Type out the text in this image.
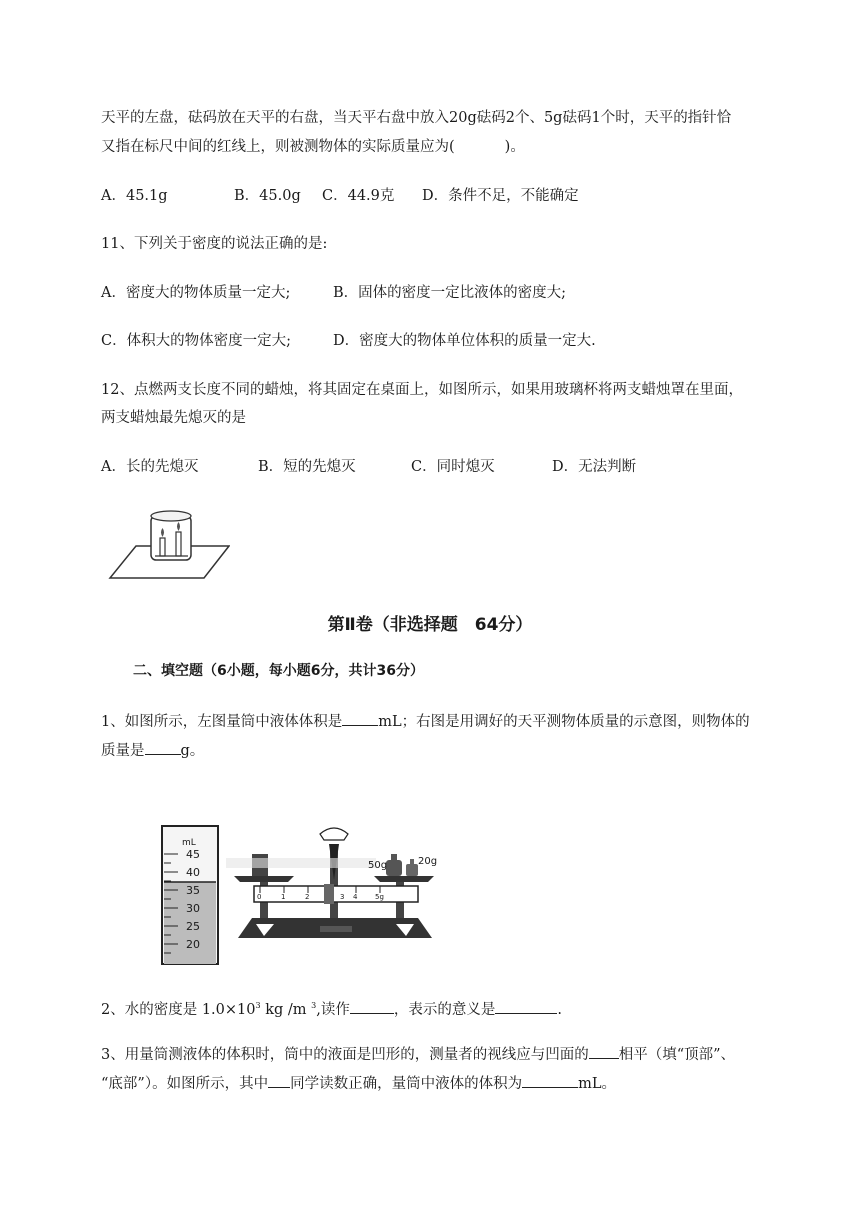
天平的左盘，砝码放在天平的右盘，当天平右盘中放入20g砝码2个、5g砝码1个时，天平的指针恰
又指在标尺中间的红线上，则被测物体的实际质量应为(	)。
A．45.1g	B．45.0g C．44.9克 D．条件不足，不能确定
11、下列关于密度的说法正确的是:
A．密度大的物体质量一定大;	B．固体的密度一定比液体的密度大;
C．体积大的物体密度一定大;	D．密度大的物体单位体积的质量一定大.
12、点燃两支长度不同的蜡烛，将其固定在桌面上，如图所示，如果用玻璃杯将两支蜡烛罩在里面，
两支蜡烛最先熄灭的是
A．长的先熄灭	B．短的先熄灭	C．同时熄灭	D．无法判断
第Ⅱ卷（非选择题　64分）
二、填空题（6小题，每小题6分，共计36分）
1、如图所示，左图量筒中液体体积是 mL；右图是用调好的天平测物体质量的示意图，则物体的
质量是 g。
mL
45
40
35
30
25
20
50g	20g
0	1	2	3 4	5g
2、水的密度是 $1.0\times 10^3$ kg /m $^3$,读作	，表示的意义是	.
3、用量筒测液体的体积时，筒中的液面是凹形的，测量者的视线应与凹面的 相平（填“顶部”、
“底部”）。如图所示，其中 同学读数正确，量筒中液体的体积为	mL。
